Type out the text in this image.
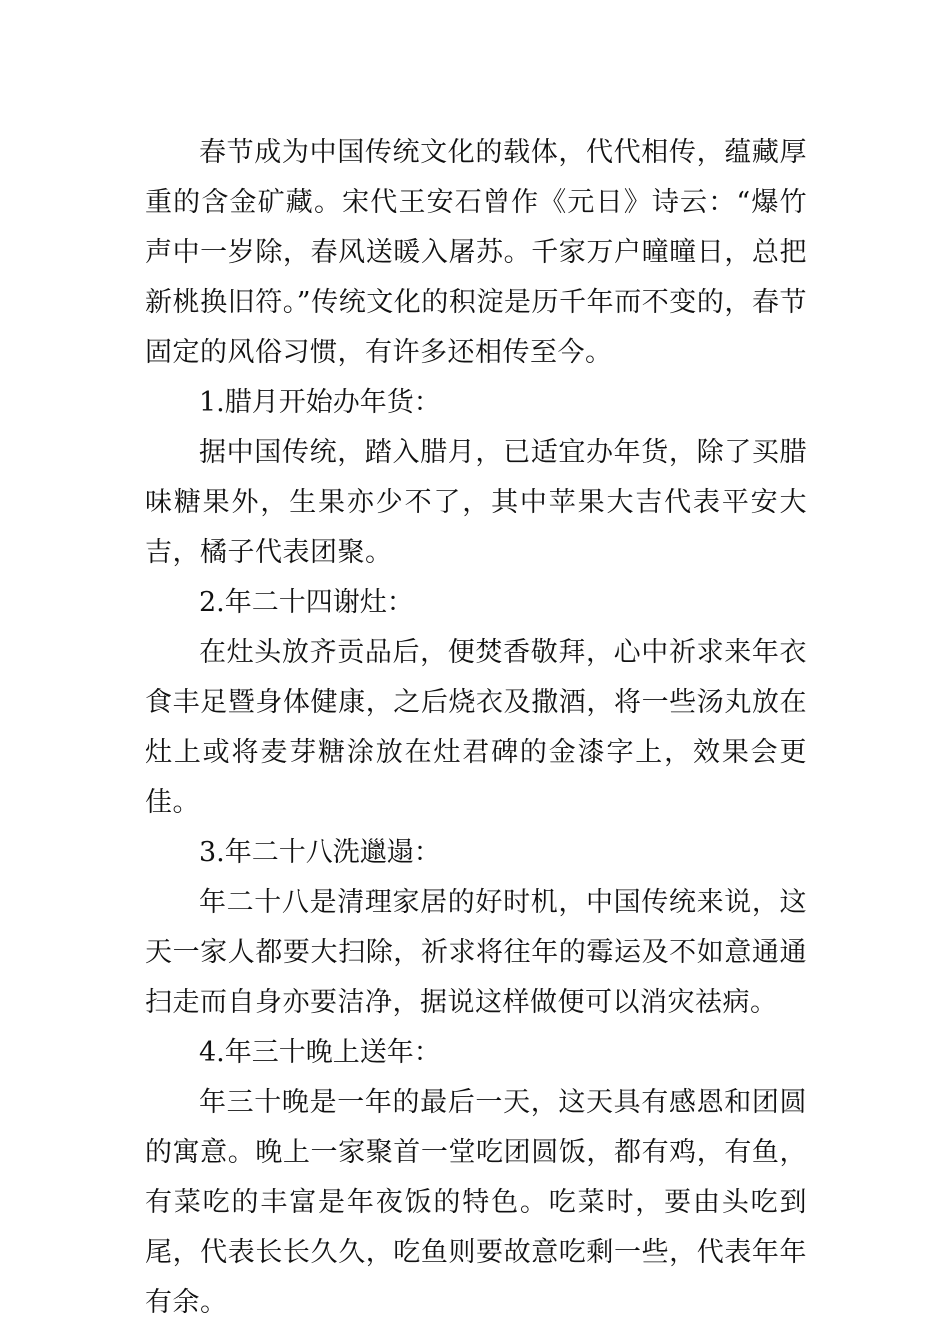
春节成为中国传统文化的载体，代代相传，蕴藏厚重的含金矿藏。宋代王安石曾作《元日》诗云：“爆竹声中一岁除，春风送暖入屠苏。千家万户曈曈日，总把新桃换旧符。”传统文化的积淀是历千年而不变的，春节固定的风俗习惯，有许多还相传至今。

1.腊月开始办年货：

据中国传统，踏入腊月，已适宜办年货，除了买腊味糖果外，生果亦少不了，其中苹果大吉代表平安大吉，橘子代表团聚。

2.年二十四谢灶：

在灶头放齐贡品后，便焚香敬拜，心中祈求来年衣食丰足暨身体健康，之后烧衣及撒酒，将一些汤丸放在灶上或将麦芽糖涂放在灶君碑的金漆字上，效果会更佳。

3.年二十八洗邋遢：

年二十八是清理家居的好时机，中国传统来说，这天一家人都要大扫除，祈求将往年的霉运及不如意通通扫走而自身亦要洁净，据说这样做便可以消灾祛病。

4.年三十晚上送年：

年三十晚是一年的最后一天，这天具有感恩和团圆的寓意。晚上一家聚首一堂吃团圆饭，都有鸡，有鱼，有菜吃的丰富是年夜饭的特色。吃菜时，要由头吃到尾，代表长长久久，吃鱼则要故意吃剩一些，代表年年有余。
